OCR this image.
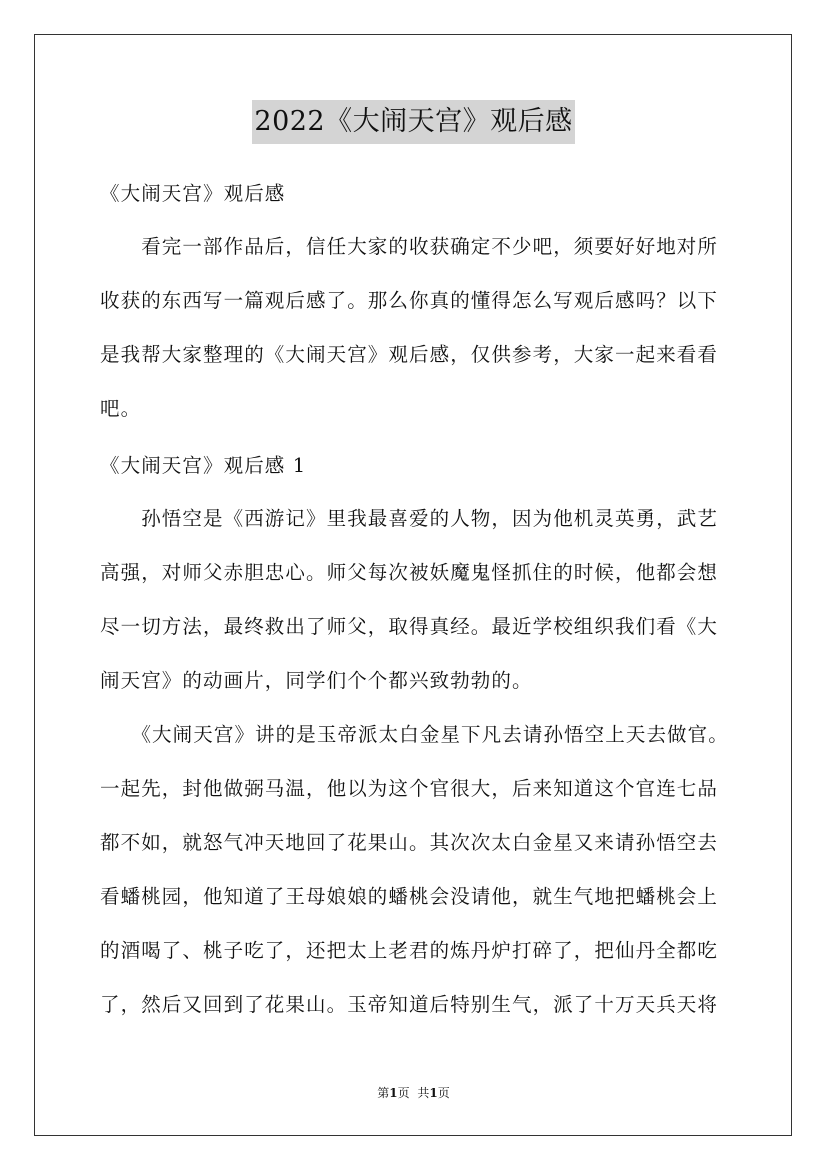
2022《大闹天宫》观后感
《大闹天宫》观后感
　　看完一部作品后，信任大家的收获确定不少吧，须要好好地对所
收获的东西写一篇观后感了。那么你真的懂得怎么写观后感吗？以下
是我帮大家整理的《大闹天宫》观后感，仅供参考，大家一起来看看
吧。
《大闹天宫》观后感 1
　　孙悟空是《西游记》里我最喜爱的人物，因为他机灵英勇，武艺
高强，对师父赤胆忠心。师父每次被妖魔鬼怪抓住的时候，他都会想
尽一切方法，最终救出了师父，取得真经。最近学校组织我们看《大
闹天宫》的动画片，同学们个个都兴致勃勃的。
　　《大闹天宫》讲的是玉帝派太白金星下凡去请孙悟空上天去做官。
一起先，封他做弼马温，他以为这个官很大，后来知道这个官连七品
都不如，就怒气冲天地回了花果山。其次次太白金星又来请孙悟空去
看蟠桃园，他知道了王母娘娘的蟠桃会没请他，就生气地把蟠桃会上
的酒喝了、桃子吃了，还把太上老君的炼丹炉打碎了，把仙丹全都吃
了，然后又回到了花果山。玉帝知道后特别生气，派了十万天兵天将
第1页 共1页
